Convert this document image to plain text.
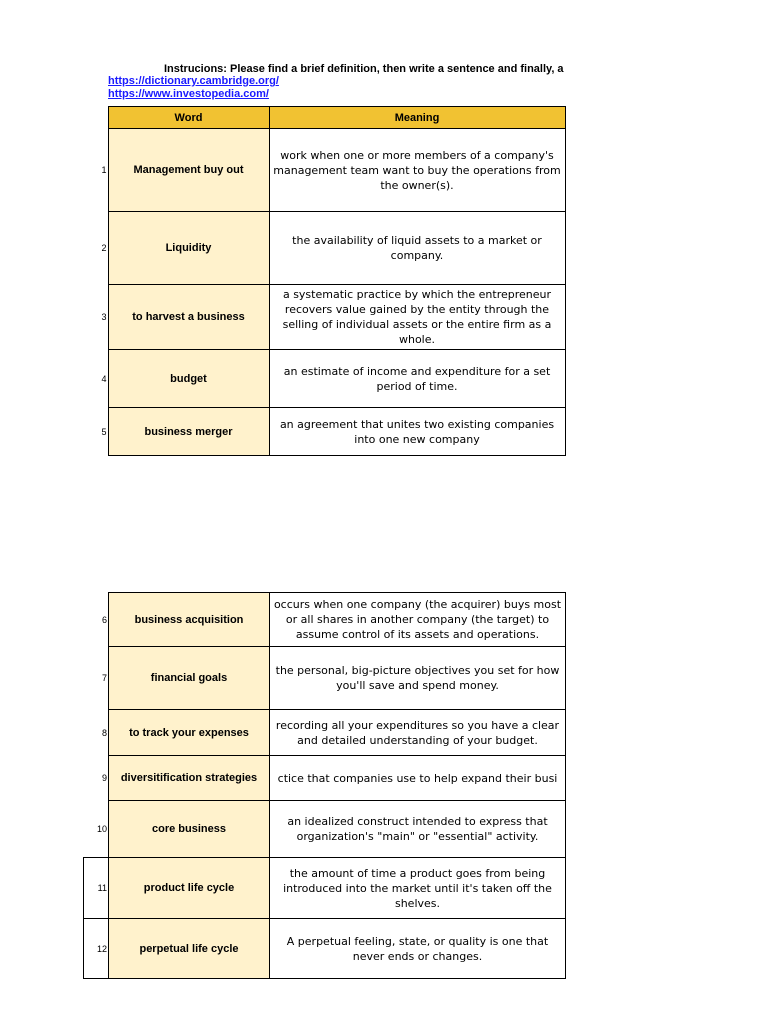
Instrucions: Please find a brief definition, then write a sentence and finally, a
https://dictionary.cambridge.org/
https://www.investopedia.com/
	Word	Meaning
1	Management buy out	work when one or more members of a company's management team want to buy the operations from the owner(s).
2	Liquidity	the availability of liquid assets to a market or company.
3	to harvest a business	a systematic practice by which the entrepreneur recovers value gained by the entity through the selling of individual assets or the entire firm as a whole.
4	budget	an estimate of income and expenditure for a set period of time.
5	business merger	an agreement that unites two existing companies into one new company
6	business acquisition	occurs when one company (the acquirer) buys most or all shares in another company (the target) to assume control of its assets and operations.

7	financial goals	the personal, big-picture objectives you set for how you'll save and spend money.
8	to track your expenses	recording all your expenditures so you have a clear and detailed understanding of your budget.
9	diversitification strategies	ctice that companies use to help expand their busi
10	core business	an idealized construct intended to express that organization's "main" or "essential" activity.
11	product life cycle	the amount of time a product goes from being introduced into the market until it's taken off the shelves.
12	perpetual life cycle	A perpetual feeling, state, or quality is one that never ends or changes.
